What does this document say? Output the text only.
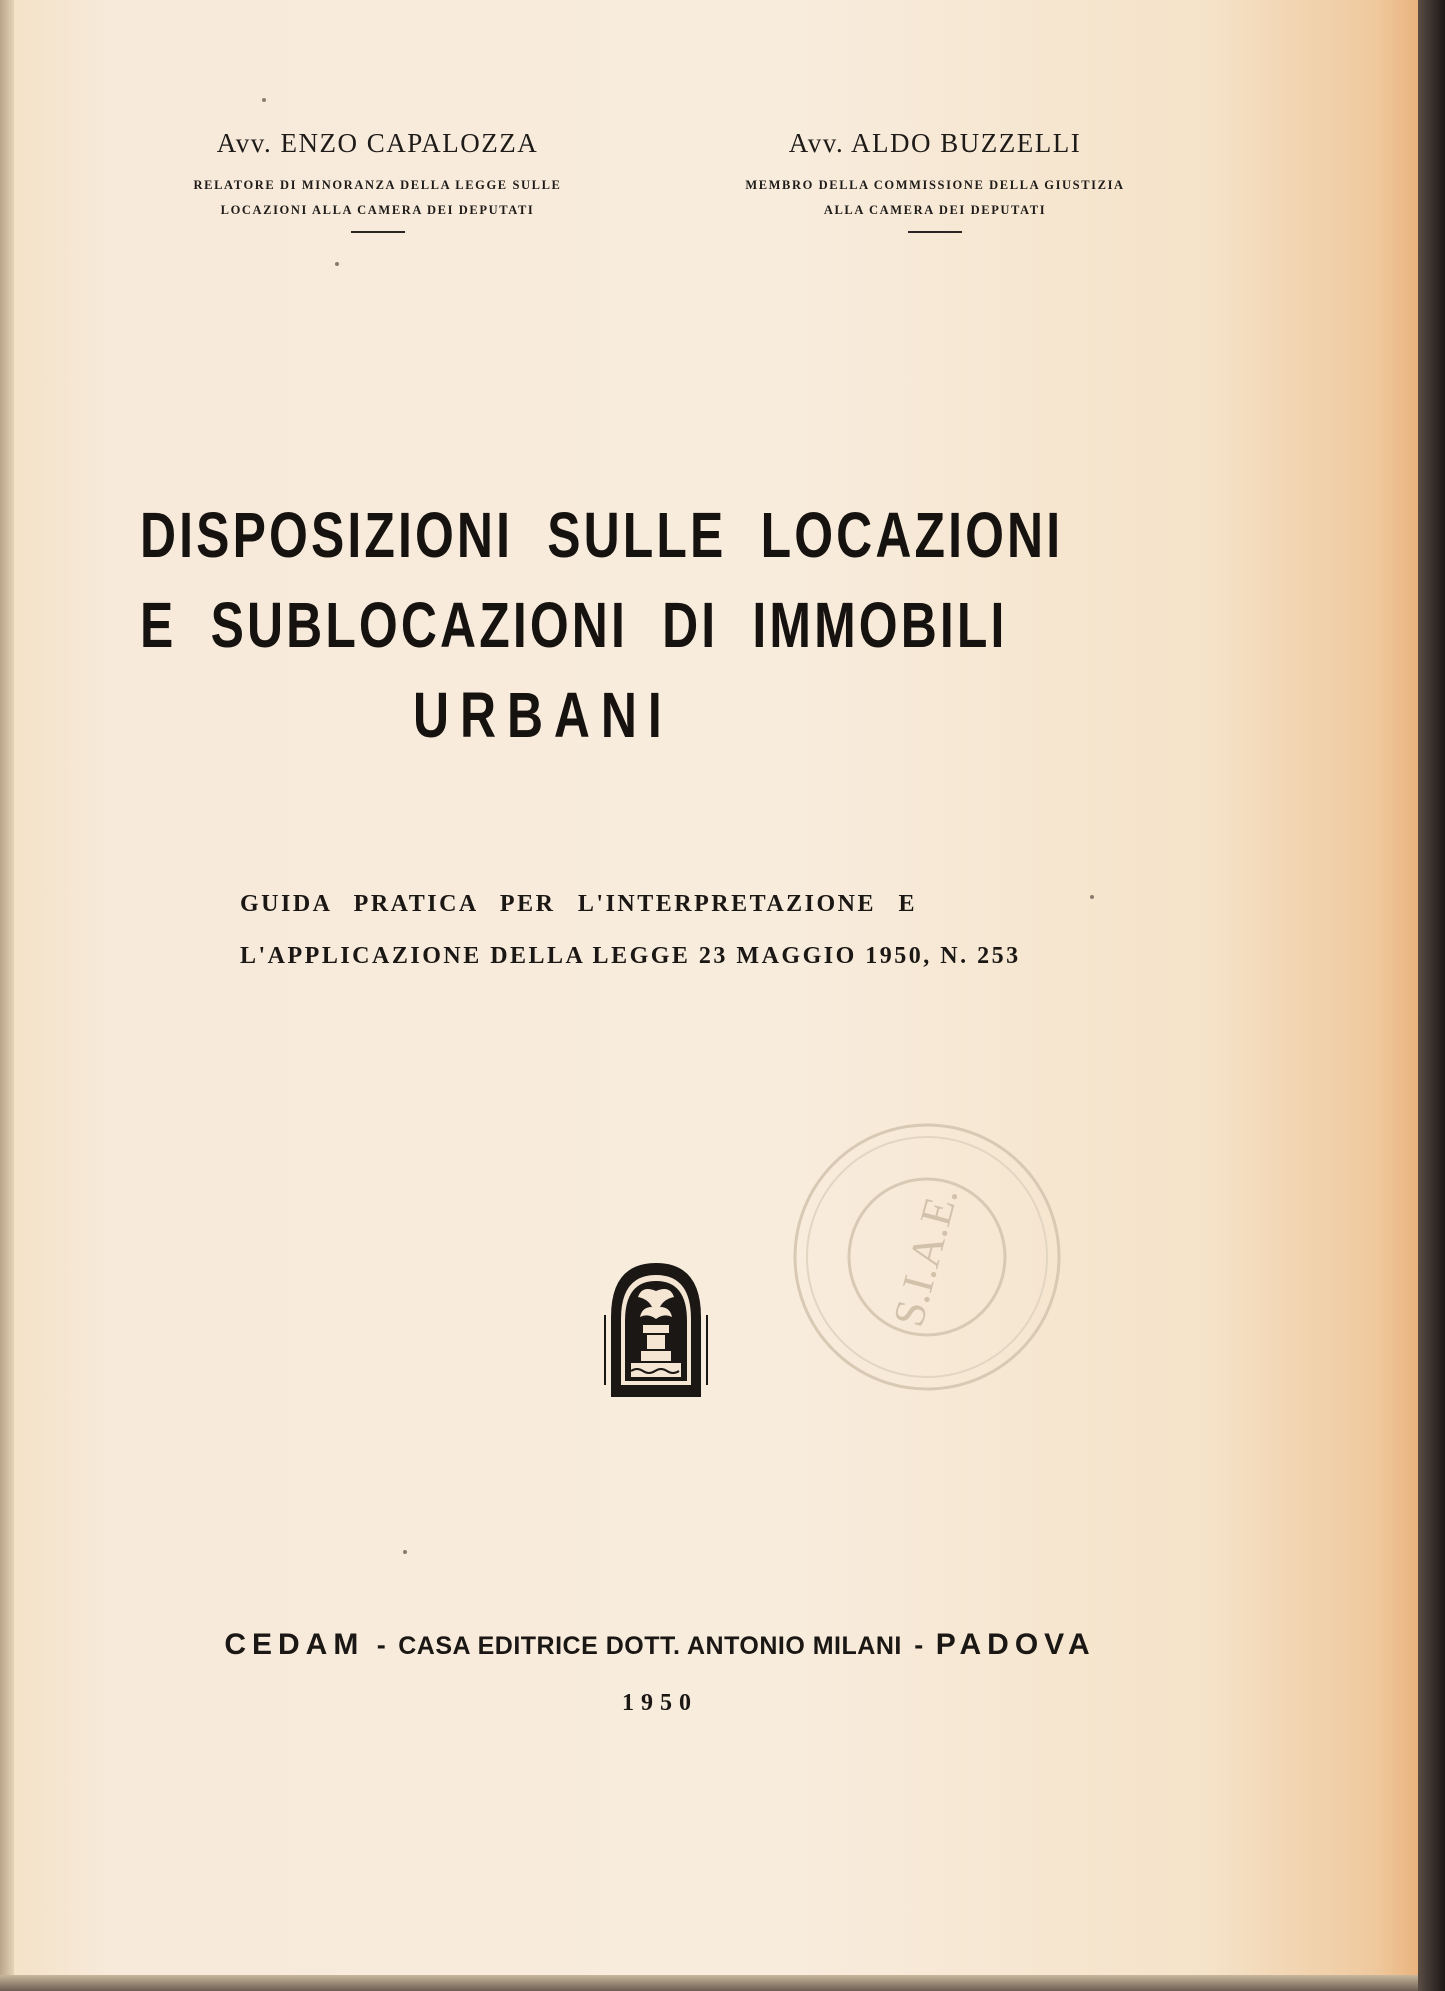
Avv. ENZO CAPALOZZA
RELATORE DI MINORANZA DELLA LEGGE SULLE
LOCAZIONI ALLA CAMERA DEI DEPUTATI
Avv. ALDO BUZZELLI
MEMBRO DELLA COMMISSIONE DELLA GIUSTIZIA
ALLA CAMERA DEI DEPUTATI
DISPOSIZIONI SULLE LOCAZIONI
E SUBLOCAZIONI DI IMMOBILI
URBANI
GUIDA PRATICA PER L'INTERPRETAZIONE E
L'APPLICAZIONE DELLA LEGGE 23 MAGGIO 1950, N. 253
S.I.A.E.
CEDAM - CASA EDITRICE DOTT. ANTONIO MILANI - PADOVA
1950
